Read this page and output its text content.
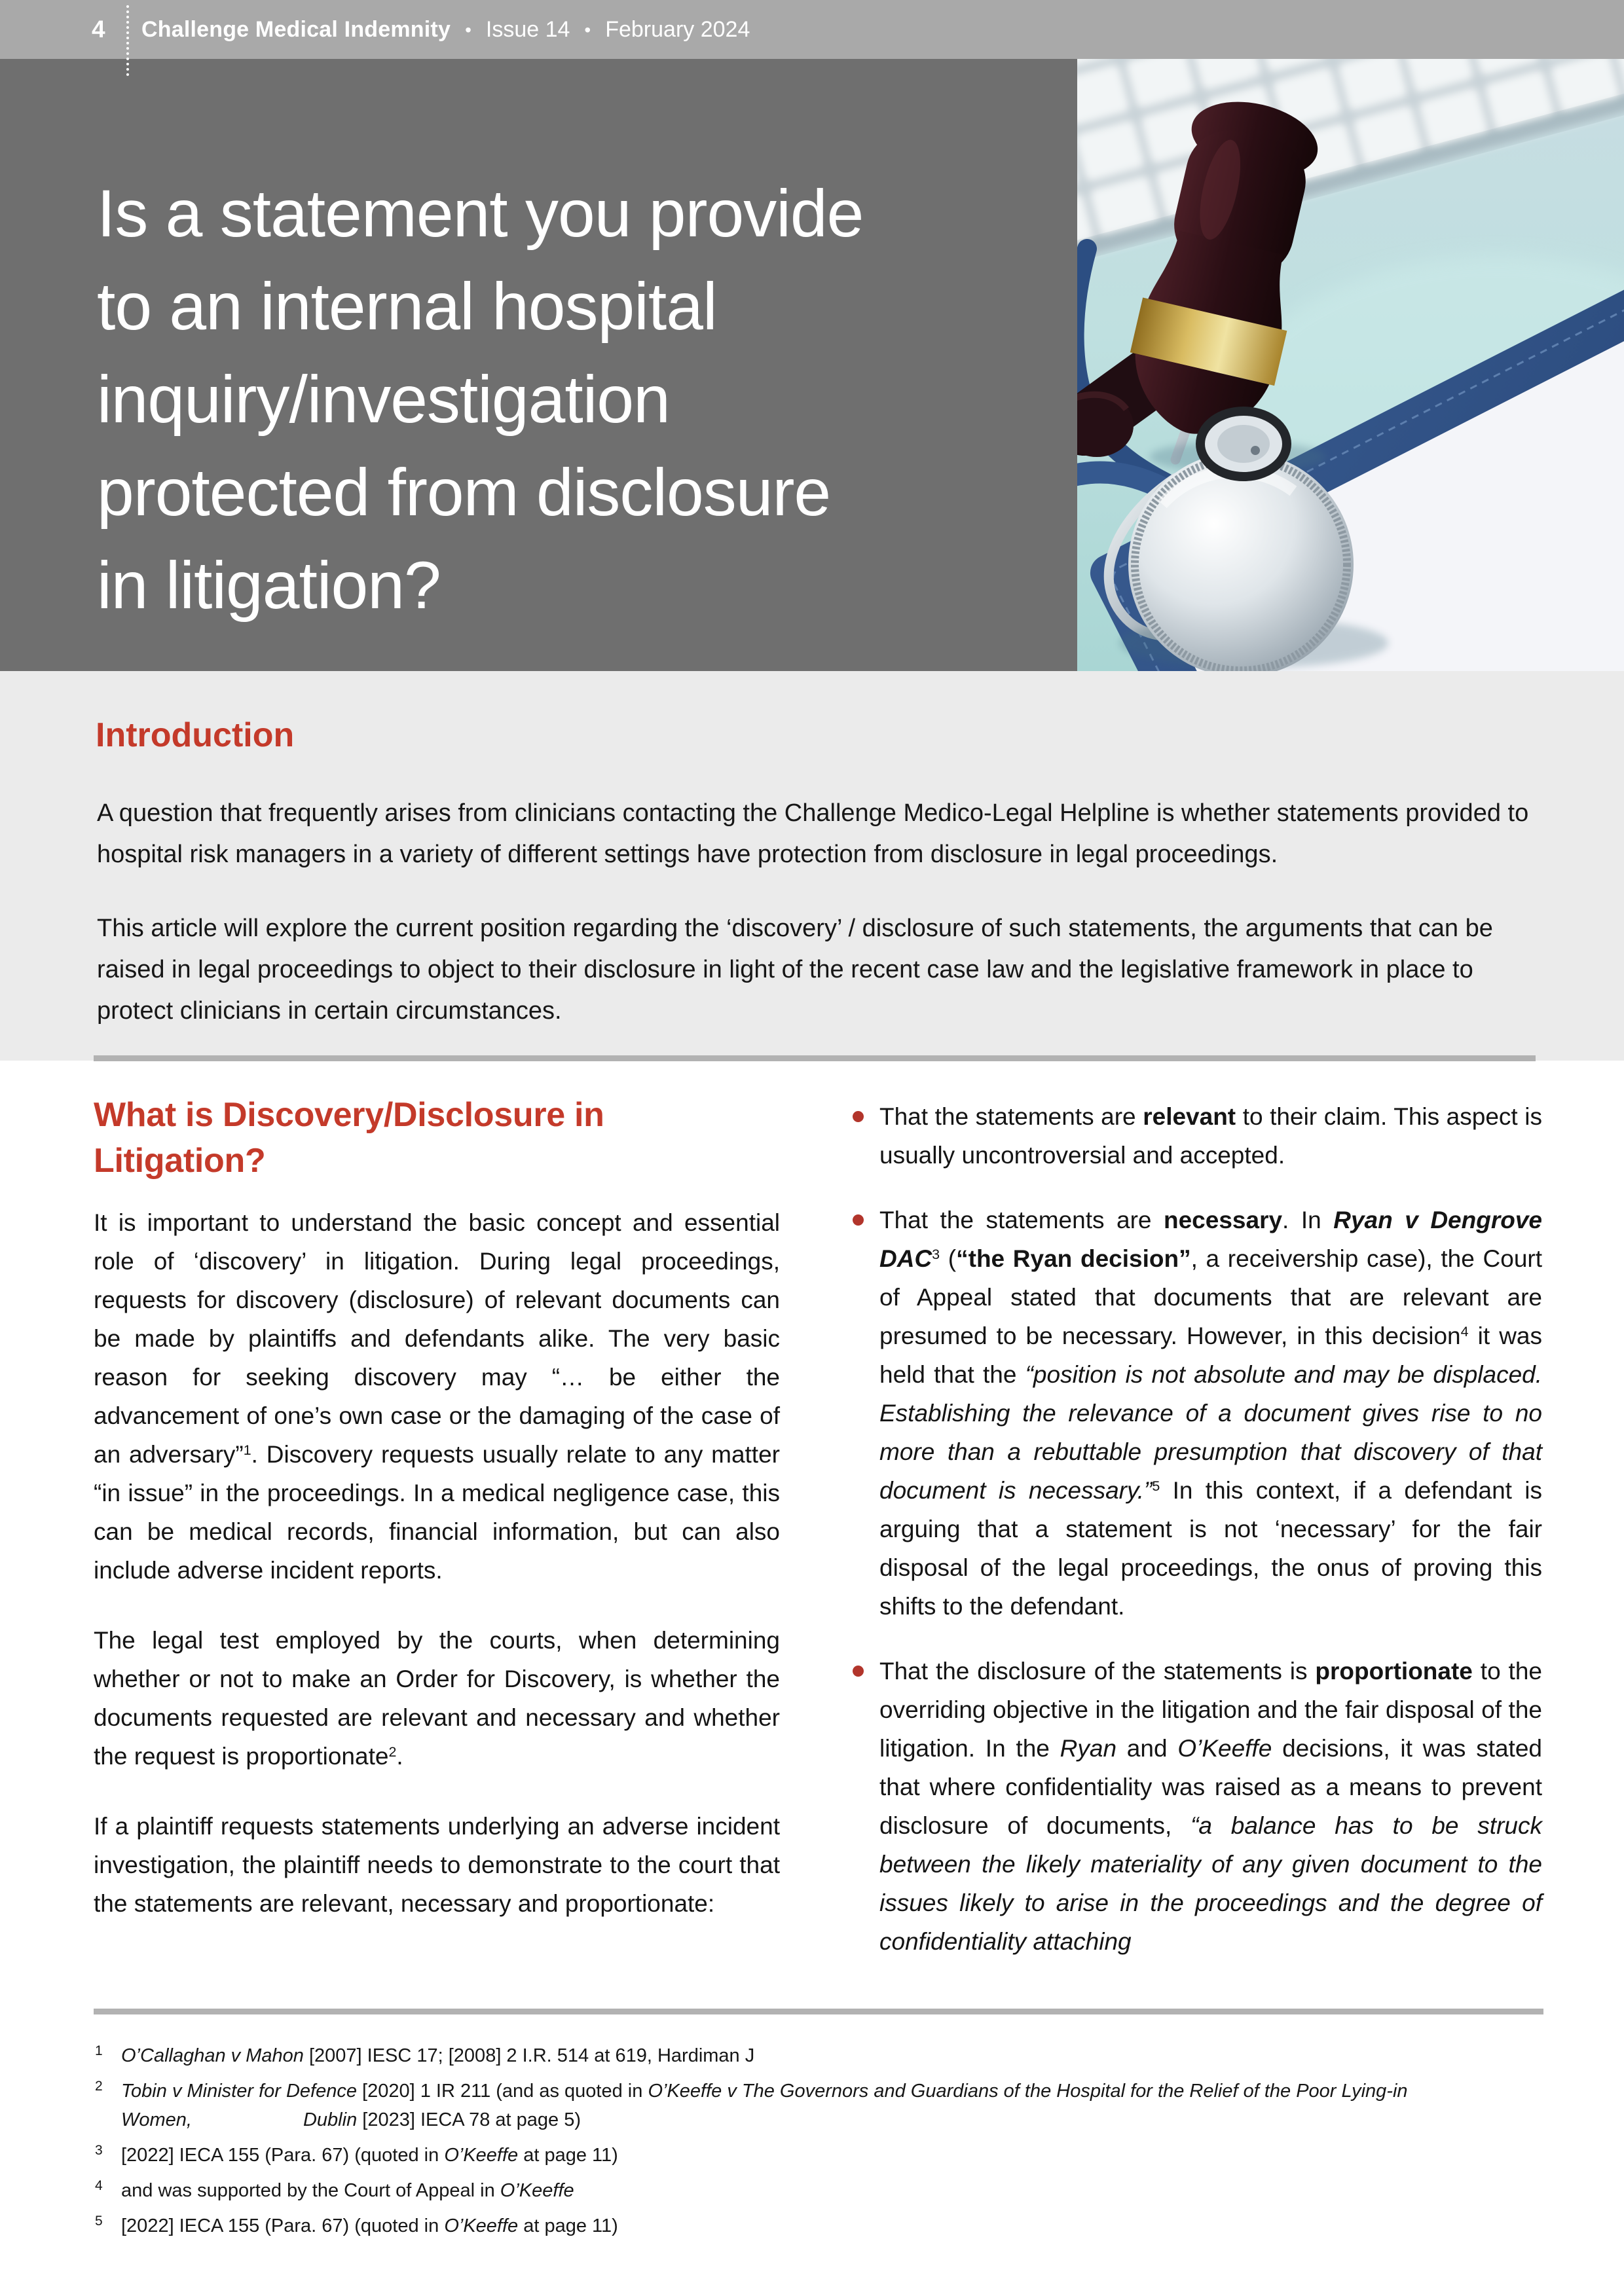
4 Challenge Medical Indemnity • Issue 14 • February 2024
Is a statement you provide
to an internal hospital
inquiry/investigation
protected from disclosure
in litigation?
Introduction

A question that frequently arises from clinicians contacting the Challenge Medico-Legal Helpline is whether statements provided to hospital risk managers in a variety of different settings have protection from disclosure in legal proceedings.

This article will explore the current position regarding the ‘discovery’ / disclosure of such statements, the arguments that can be raised in legal proceedings to object to their disclosure in light of the recent case law and the legislative framework in place to protect clinicians in certain circumstances.

What is Discovery/Disclosure in Litigation?

It is important to understand the basic concept and essential role of ‘discovery’ in litigation. During legal proceedings, requests for discovery (disclosure) of relevant documents can be made by plaintiffs and defendants alike. The very basic reason for seeking discovery may “… be either the advancement of one’s own case or the damaging of the case of an adversary”$^1$. Discovery requests usually relate to any matter “in issue” in the proceedings. In a medical negligence case, this can be medical records, financial information, but can also include adverse incident reports.

The legal test employed by the courts, when determining whether or not to make an Order for Discovery, is whether the documents requested are relevant and necessary and whether the request is proportionate$^2$.

If a plaintiff requests statements underlying an adverse incident investigation, the plaintiff needs to demonstrate to the court that the statements are relevant, necessary and proportionate:

That the statements are relevant to their claim. This aspect is usually uncontroversial and accepted.
That the statements are necessary. In Ryan v Dengrove DAC$^3$ (“the Ryan decision”, a receivership case), the Court of Appeal stated that documents that are relevant are presumed to be necessary. However, in this decision$^4$ it was held that the “position is not absolute and may be displaced. Establishing the relevance of a document gives rise to no more than a rebuttable presumption that discovery of that document is necessary.”$^5$ In this context, if a defendant is arguing that a statement is not ‘necessary’ for the fair disposal of the legal proceedings, the onus of proving this shifts to the defendant.
That the disclosure of the statements is proportionate to the overriding objective in the litigation and the fair disposal of the litigation. In the Ryan and O’Keeffe decisions, it was stated that where confidentiality was raised as a means to prevent disclosure of documents, “a balance has to be struck between the likely materiality of any given document to the issues likely to arise in the proceedings and the degree of confidentiality attaching
1 O’Callaghan v Mahon [2007] IESC 17; [2008] 2 I.R. 514 at 619, Hardiman J
2 Tobin v Minister for Defence [2020] 1 IR 211 (and as quoted in O’Keeffe v The Governors and Guardians of the Hospital for the Relief of the Poor Lying-in
Women,	Dublin [2023] IECA 78 at page 5)
3 [2022] IECA 155 (Para. 67) (quoted in O’Keeffe at page 11)
4 and was supported by the Court of Appeal in O’Keeffe
5 [2022] IECA 155 (Para. 67) (quoted in O’Keeffe at page 11)
